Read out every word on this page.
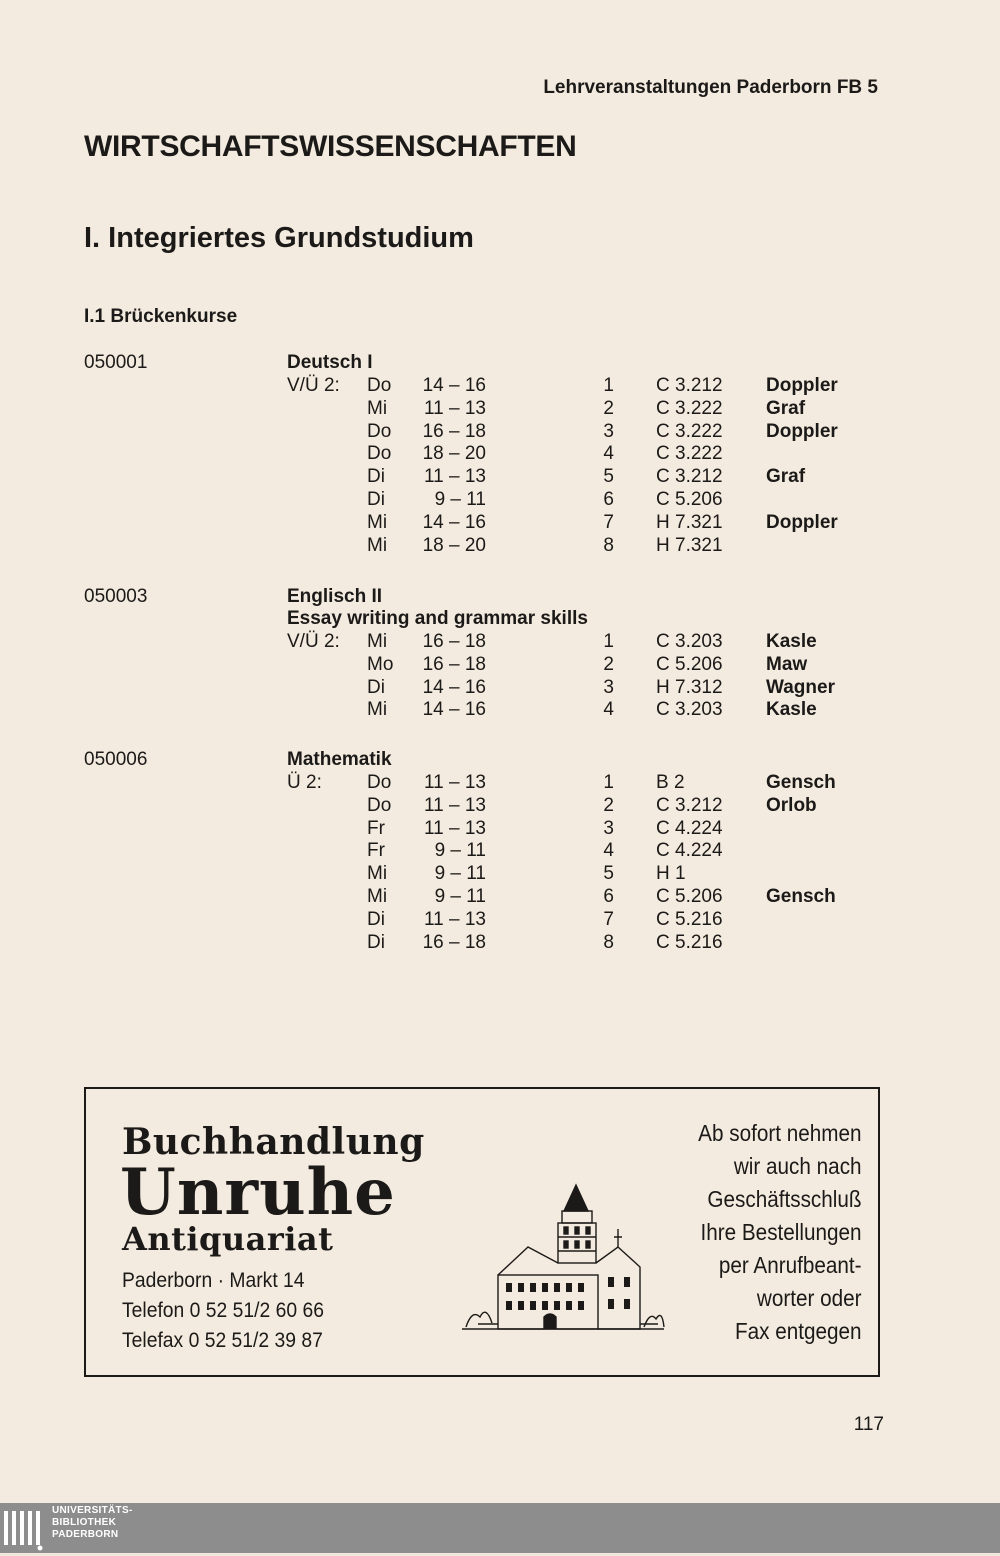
Lehrveranstaltungen Paderborn FB 5
WIRTSCHAFTSWISSENSCHAFTEN
I. Integriertes Grundstudium
I.1 Brückenkurse
050001	Deutsch I
V/Ü 2: Do	14 – 16	1 C 3.212 Doppler
Mi	11 – 13	2 C 3.222 Graf
Do	16 – 18	3 C 3.222 Doppler
Do	18 – 20	4 C 3.222
Di	11 – 13	5 C 3.212 Graf
Di	9 – 11	6 C 5.206
Mi	14 – 16	7 H 7.321 Doppler
Mi	18 – 20	8 H 7.321
050003	Englisch II
Essay writing and grammar skills
V/Ü 2: Mi	16 – 18	1 C 3.203 Kasle
Mo	16 – 18	2 C 5.206 Maw
Di	14 – 16	3 H 7.312 Wagner
Mi	14 – 16	4 C 3.203 Kasle
050006	Mathematik
Ü 2: Do	11 – 13	1 B 2	Gensch
Do	11 – 13	2 C 3.212 Orlob
Fr	11 – 13	3 C 4.224
Fr	9 – 11	4 C 4.224
Mi	9 – 11	5 H 1
Mi	9 – 11	6 C 5.206 Gensch
Di	11 – 13	7 C 5.216
Di	16 – 18	8 C 5.216
Buchhandlung
Unruhe
Antiquariat
Paderborn · Markt 14
Telefon 0 52 51/2 60 66
Telefax 0 52 51/2 39 87
Ab sofort nehmen
wir auch nach
Geschäftsschluß
Ihre Bestellungen
per Anrufbeant-
worter oder
Fax entgegen
117
UNIVERSITÄTS-
BIBLIOTHEK
PADERBORN
